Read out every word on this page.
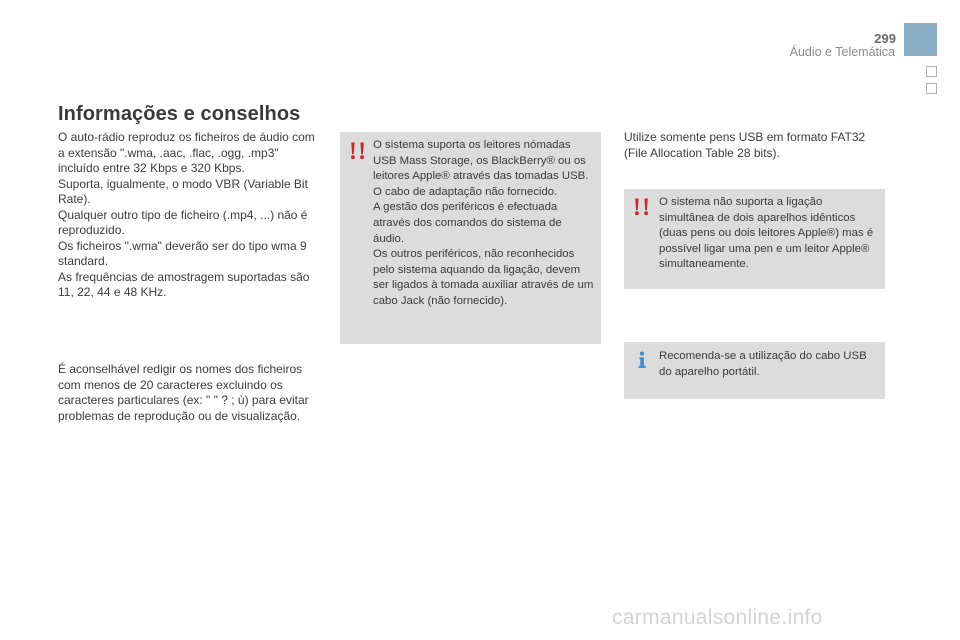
299
Áudio e Telemática
Informações e conselhos

O auto-rádio reproduz os ficheiros de áudio com a extensão ".wma, .aac, .flac, .ogg, .mp3" incluído entre 32 Kbps e 320 Kbps.

Suporta, igualmente, o modo VBR (Variable Bit Rate).

Qualquer outro tipo de ficheiro (.mp4, ...) não é reproduzido.

Os ficheiros ".wma" deverão ser do tipo wma 9 standard.

As frequências de amostragem suportadas são 11, 22, 44 e 48 KHz.

É aconselhável redigir os nomes dos ficheiros com menos de 20 caracteres excluindo os caracteres particulares (ex: " " ? ; ù) para evitar problemas de reprodução ou de visualização.

O sistema suporta os leitores nómadas USB Mass Storage, os BlackBerry® ou os leitores Apple® através das tomadas USB. O cabo de adaptação não fornecido.

A gestão dos periféricos é efectuada através dos comandos do sistema de áudio.

Os outros periféricos, não reconhecidos pelo sistema aquando da ligação, devem ser ligados à tomada auxiliar através de um cabo Jack (não fornecido).

Utilize somente pens USB em formato FAT32 (File Allocation Table 28 bits).

O sistema não suporta a ligação simultânea de dois aparelhos idênticos (duas pens ou dois leitores Apple®) mas é possível ligar uma pen e um leitor Apple® simultaneamente.

Recomenda-se a utilização do cabo USB do aparelho portátil.

carmanualsonline.info
